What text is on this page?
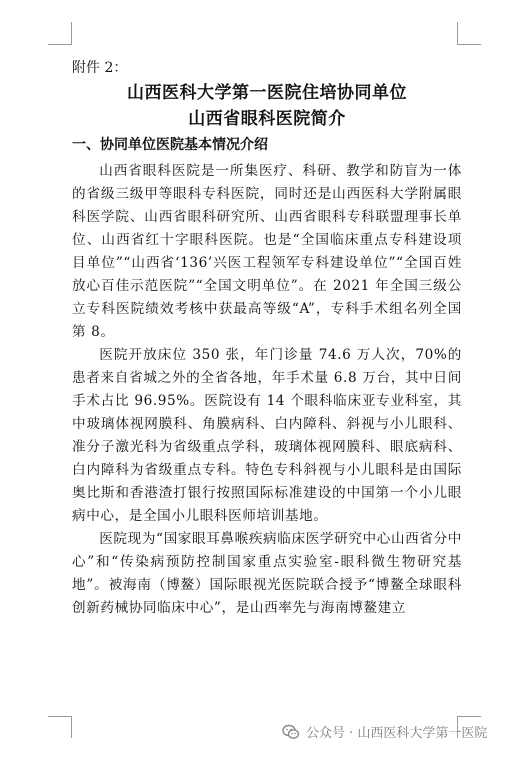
附件 2：
山西医科大学第一医院住培协同单位
山西省眼科医院简介
一、协同单位医院基本情况介绍

山西省眼科医院是一所集医疗、科研、教学和防盲为一体的省级三级甲等眼科专科医院，同时还是山西医科大学附属眼科医学院、山西省眼科研究所、山西省眼科专科联盟理事长单位、山西省红十字眼科医院。也是“全国临床重点专科建设项目单位”“山西省‘136’兴医工程领军专科建设单位”“全国百姓放心百佳示范医院”“全国文明单位”。在 2021 年全国三级公立专科医院绩效考核中获最高等级“A”，专科手术组名列全国第 8。

医院开放床位 350 张，年门诊量 74.6 万人次，70%的患者来自省城之外的全省各地，年手术量 6.8 万台，其中日间手术占比 96.95%。医院设有 14 个眼科临床亚专业科室，其中玻璃体视网膜科、角膜病科、白内障科、斜视与小儿眼科、准分子激光科为省级重点学科，玻璃体视网膜科、眼底病科、白内障科为省级重点专科。特色专科斜视与小儿眼科是由国际奥比斯和香港渣打银行按照国际标准建设的中国第一个小儿眼病中心，是全国小儿眼科医师培训基地。

医院现为“国家眼耳鼻喉疾病临床医学研究中心山西省分中心”和“传染病预防控制国家重点实验室-眼科微生物研究基地”。被海南（博鳌）国际眼视光医院联合授予“博鳌全球眼科创新药械协同临床中心”，是山西率先与海南博鳌建立

公众号 · 山西医科大学第一医院
